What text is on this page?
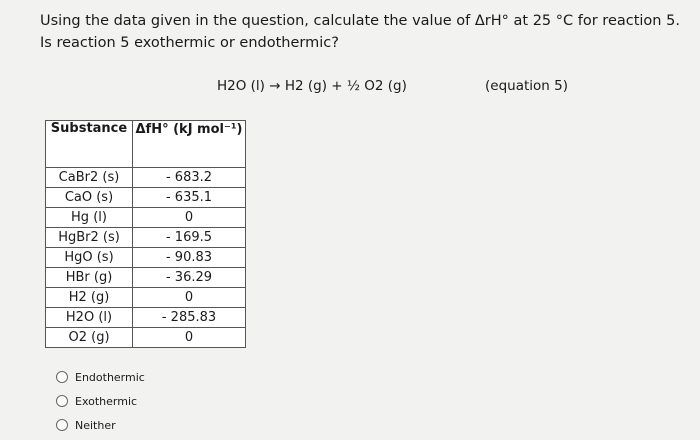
Using the data given in the question, calculate the value of ΔrH° at 25 °C for reaction 5. Is reaction 5 exothermic or endothermic?
H2O (l) → H2 (g) + ½ O2 (g)	(equation 5)
Substance	ΔfH° (kJ mol⁻¹)
CaBr2 (s)	- 683.2
CaO (s)	- 635.1
Hg (l)	0
HgBr2 (s)	- 169.5
HgO (s)	- 90.83
HBr (g)	- 36.29
H2 (g)	0
H2O (l)	- 285.83
O2 (g)	0
Endothermic
Exothermic
Neither
